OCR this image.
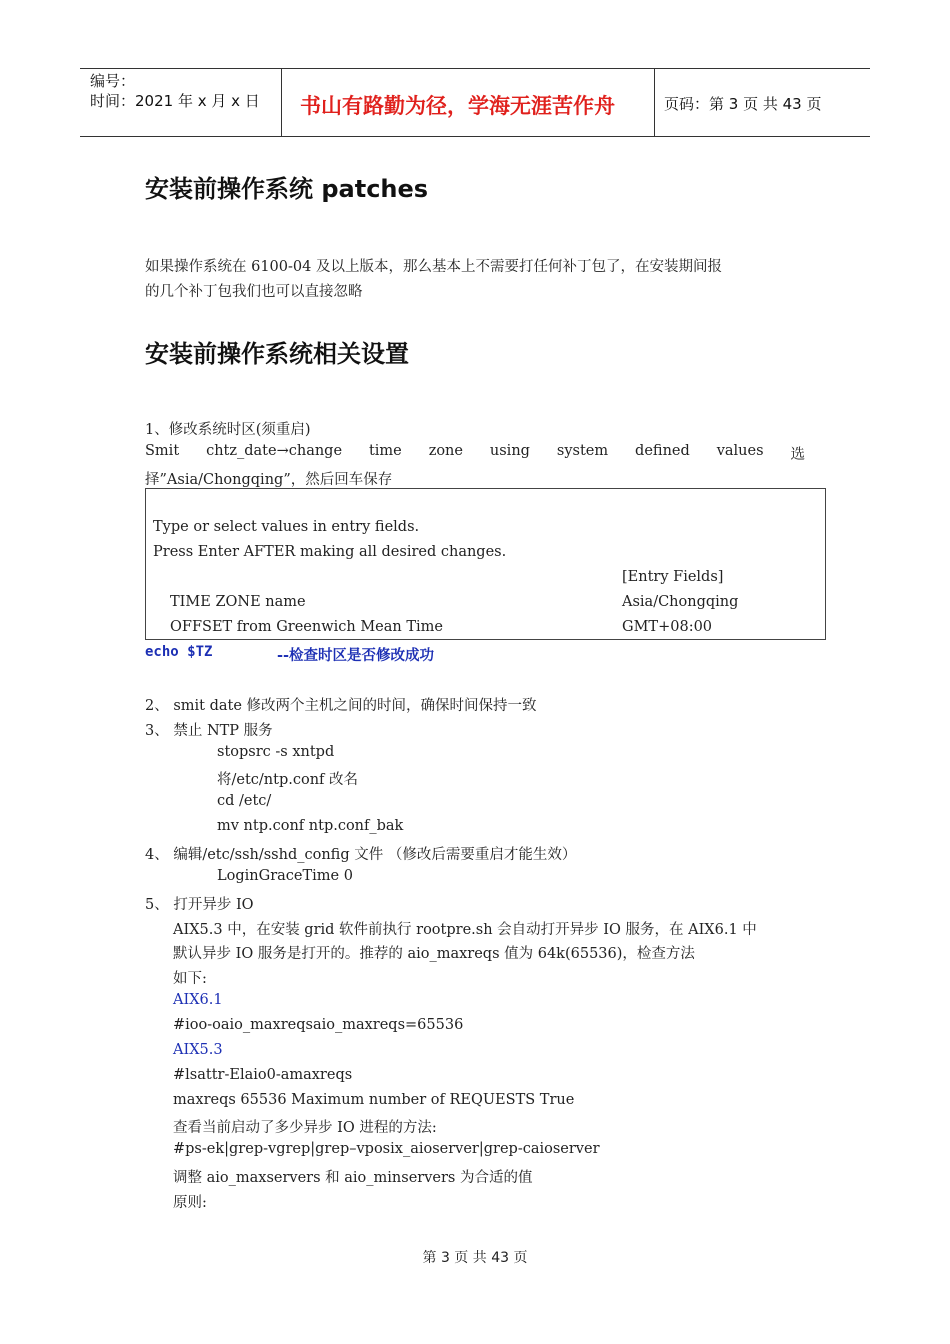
编号：
时间：2021 年 x 月 x 日 书山有路勤为径，学海无涯苦作舟	页码：第 3 页 共 43 页
安装前操作系统 patches
如果操作系统在 6100-04 及以上版本，那么基本上不需要打任何补丁包了，在安装期间报
的几个补丁包我们也可以直接忽略
安装前操作系统相关设置
1、修改系统时区(须重启)
Smit chtz_date→change time zone using system defined values 选
择”Asia/Chongqing”，然后回车保存
Type or select values in entry fields.
Press Enter AFTER making all desired changes.
[Entry Fields]
TIME ZONE name	Asia/Chongqing
OFFSET from Greenwich Mean Time	GMT+08:00
echo $TZ	--检查时区是否修改成功
2、 smit date 修改两个主机之间的时间，确保时间保持一致
3、 禁止 NTP 服务
stopsrc -s xntpd
将/etc/ntp.conf 改名
cd /etc/
mv ntp.conf ntp.conf_bak
4、 编辑/etc/ssh/sshd_config 文件 （修改后需要重启才能生效）
LoginGraceTime 0
5、 打开异步 IO
AIX5.3 中，在安装 grid 软件前执行 rootpre.sh 会自动打开异步 IO 服务，在 AIX6.1 中
默认异步 IO 服务是打开的。推荐的 aio_maxreqs 值为 64k(65536)，检查方法
如下:
AIX6.1
#ioo-oaio_maxreqsaio_maxreqs=65536
AIX5.3
#lsattr-Elaio0-amaxreqs
maxreqs 65536 Maximum number of REQUESTS True
查看当前启动了多少异步 IO 进程的方法:
#ps-ek|grep-vgrep|grep–vposix_aioserver|grep-caioserver
调整 aio_maxservers 和 aio_minservers 为合适的值
原则:
第 3 页 共 43 页
